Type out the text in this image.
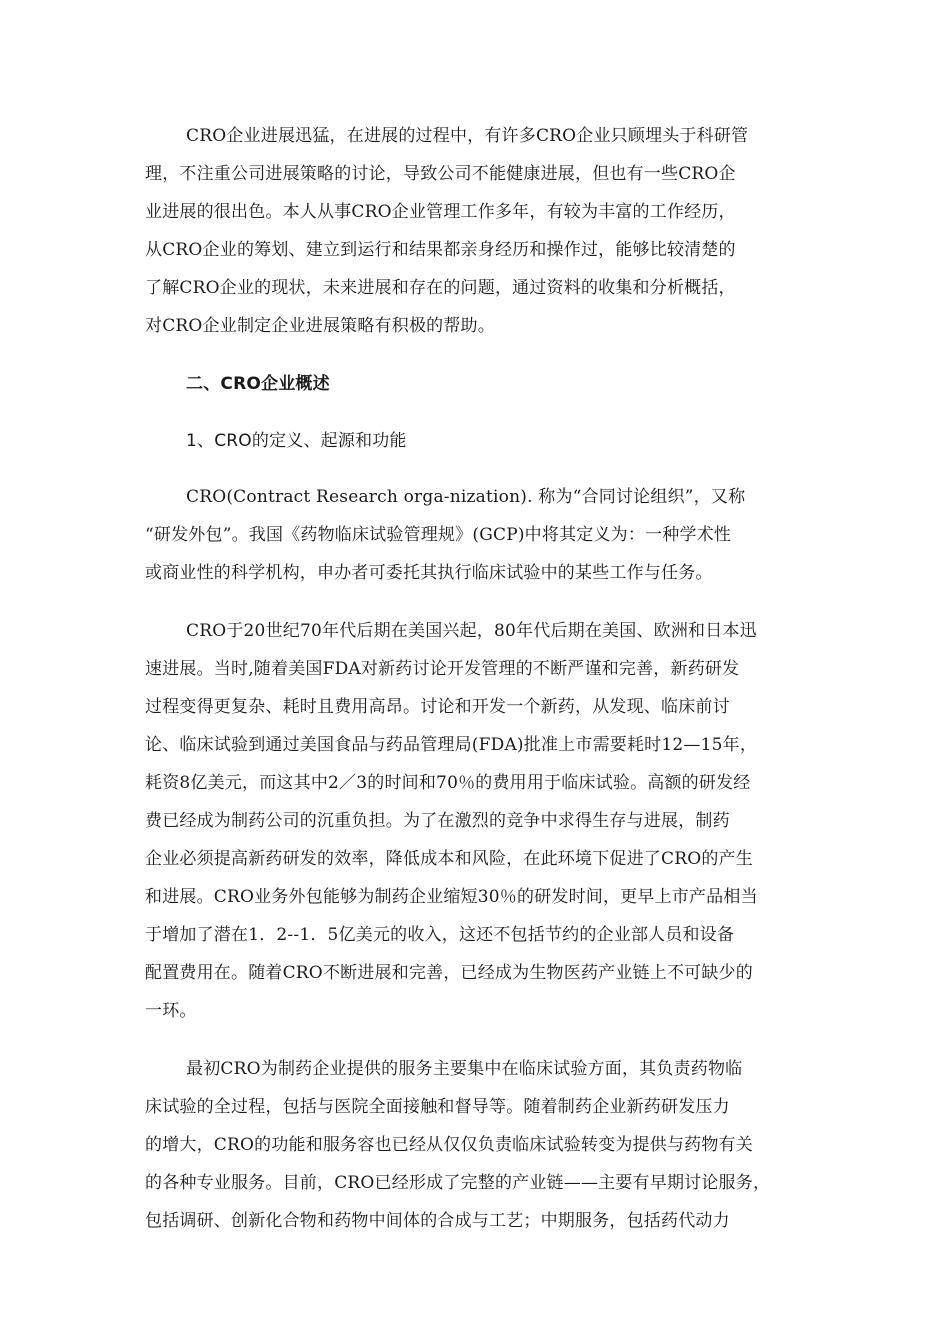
CRO企业进展迅猛，在进展的过程中，有许多CRO企业只顾埋头于科研管
理，不注重公司进展策略的讨论，导致公司不能健康进展，但也有一些CRO企
业进展的很出色。本人从事CRO企业管理工作多年，有较为丰富的工作经历，
从CRO企业的筹划、建立到运行和结果都亲身经历和操作过，能够比较清楚的
了解CRO企业的现状，未来进展和存在的问题，通过资料的收集和分析概括，
对CRO企业制定企业进展策略有积极的帮助。
二、CRO企业概述
1、CRO的定义、起源和功能
CRO(Contract Research orga-nization). 称为“合同讨论组织”，又称
“研发外包”。我国《药物临床试验管理规》(GCP)中将其定义为：一种学术性
或商业性的科学机构，申办者可委托其执行临床试验中的某些工作与任务。
CRO于20世纪70年代后期在美国兴起，80年代后期在美国、欧洲和日本迅
速进展。当时,随着美国FDA对新药讨论开发管理的不断严谨和完善，新药研发
过程变得更复杂、耗时且费用高昂。讨论和开发一个新药，从发现、临床前讨
论、临床试验到通过美国食品与药品管理局(FDA)批准上市需要耗时12—15年，
耗资8亿美元，而这其中2／3的时间和70％的费用用于临床试验。高额的研发经
费已经成为制药公司的沉重负担。为了在激烈的竞争中求得生存与进展，制药
企业必须提高新药研发的效率，降低成本和风险，在此环境下促进了CRO的产生
和进展。CRO业务外包能够为制药企业缩短30％的研发时间，更早上市产品相当
于增加了潜在1．2--1．5亿美元的收入，这还不包括节约的企业部人员和设备
配置费用在。随着CRO不断进展和完善，已经成为生物医药产业链上不可缺少的
一环。
最初CRO为制药企业提供的服务主要集中在临床试验方面，其负责药物临
床试验的全过程，包括与医院全面接触和督导等。随着制药企业新药研发压力
的增大，CRO的功能和服务容也已经从仅仅负责临床试验转变为提供与药物有关
的各种专业服务。目前，CRO已经形成了完整的产业链——主要有早期讨论服务，
包括调研、创新化合物和药物中间体的合成与工艺；中期服务，包括药代动力
